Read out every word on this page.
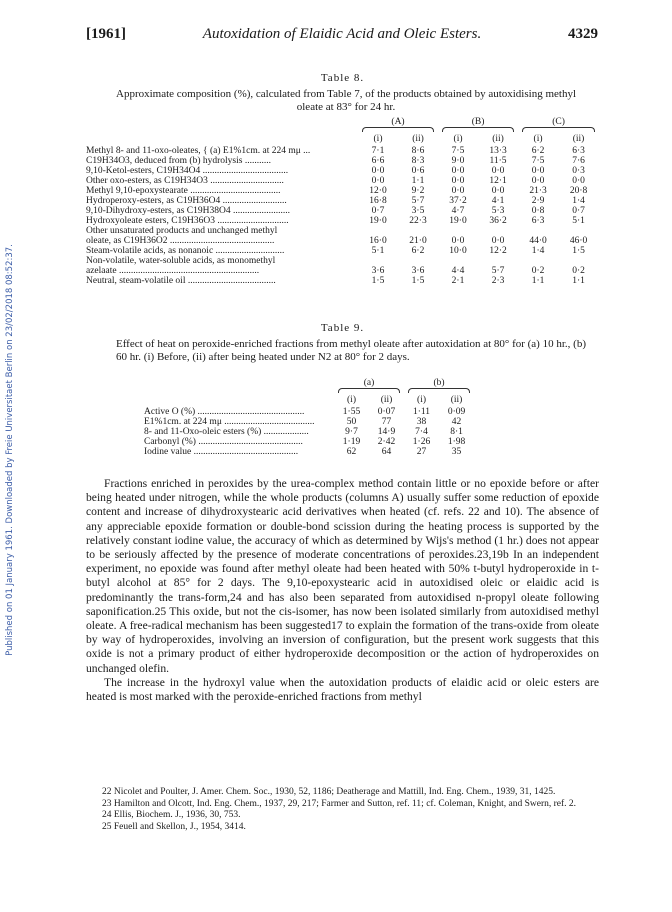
Published on 01 January 1961. Downloaded by Freie Universitaet Berlin on 23/02/2018 08:52:37.
[1961]	Autoxidation of Elaidic Acid and Oleic Esters.	4329
Table 8.
Approximate composition (%), calculated from Table 7, of the products obtained by autoxidising methyl oleate at 83° for 24 hr.
	(A)		(B)		(C)	

	(i)	(ii)	(i)	(ii)	(i)	(ii)
Methyl 8- and 11-oxo-oleates, { (a) E1%1cm. at 224 mμ ...	7·1	8·6	7·5	13·3	6·2	6·3
C19H34O3, deduced from (b) hydrolysis ...........	6·6	8·3	9·0	11·5	7·5	7·6
9,10-Ketol-esters, C19H34O4 ....................................	0·0	0·6	0·0	0·0	0·0	0·3
Other oxo-esters, as C19H34O3 ...............................	0·0	1·1	0·0	12·1	0·0	0·0
Methyl 9,10-epoxystearate ......................................	12·0	9·2	0·0	0·0	21·3	20·8
Hydroperoxy-esters, as C19H36O4 ...........................	16·8	5·7	37·2	4·1	2·9	1·4
9,10-Dihydroxy-esters, as C19H38O4 ........................	0·7	3·5	4·7	5·3	0·8	0·7
Hydroxyoleate esters, C19H36O3 ..............................	19·0	22·3	19·0	36·2	6·3	5·1
Other unsaturated products and unchanged methyl						
oleate, as C19H36O2 ............................................	16·0	21·0	0·0	0·0	44·0	46·0
Steam-volatile acids, as nonanoic .............................	5·1	6·2	10·0	12·2	1·4	1·5
Non-volatile, water-soluble acids, as monomethyl						
azelaate ...........................................................	3·6	3·6	4·4	5·7	0·2	0·2
Neutral, steam-volatile oil .....................................	1·5	1·5	2·1	2·3	1·1	1·1
Table 9.
Effect of heat on peroxide-enriched fractions from methyl oleate after autoxidation at 80° for (a) 10 hr., (b) 60 hr. (i) Before, (ii) after being heated under N2 at 80° for 2 days.
	(a)		(b)	

	(i)	(ii)	(i)	(ii)
Active O (%) .............................................	1·55	0·07	1·11	0·09
E1%1cm. at 224 mμ ......................................	50	77	38	42
8- and 11-Oxo-oleic esters (%) ...................	9·7	14·9	7·4	8·1
Carbonyl (%) ............................................	1·19	2·42	1·26	1·98
Iodine value ............................................	62	64	27	35

Fractions enriched in peroxides by the urea-complex method contain little or no epoxide before or after being heated under nitrogen, while the whole products (columns A) usually suffer some reduction of epoxide content and increase of dihydroxystearic acid derivatives when heated (cf. refs. 22 and 10). The absence of any appreciable epoxide formation or double-bond scission during the heating process is supported by the relatively constant iodine value, the accuracy of which as determined by Wijs's method (1 hr.) does not appear to be seriously affected by the presence of moderate concentrations of peroxides.23,19b In an independent experiment, no epoxide was found after methyl oleate had been heated with 50% t-butyl hydroperoxide in t-butyl alcohol at 85° for 2 days. The 9,10-epoxystearic acid in autoxidised oleic or elaidic acid is predominantly the trans-form,24 and has also been separated from autoxidised n-propyl oleate following saponification.25 This oxide, but not the cis-isomer, has now been isolated similarly from autoxidised methyl oleate. A free-radical mechanism has been suggested17 to explain the formation of the trans-oxide from oleate by way of hydroperoxides, involving an inversion of configuration, but the present work suggests that this oxide is not a primary product of either hydroperoxide decomposition or the action of hydroperoxides on unchanged olefin.

The increase in the hydroxyl value when the autoxidation products of elaidic acid or oleic esters are heated is most marked with the peroxide-enriched fractions from methyl

22 Nicolet and Poulter, J. Amer. Chem. Soc., 1930, 52, 1186; Deatherage and Mattill, Ind. Eng. Chem., 1939, 31, 1425.

23 Hamilton and Olcott, Ind. Eng. Chem., 1937, 29, 217; Farmer and Sutton, ref. 11; cf. Coleman, Knight, and Swern, ref. 2.

24 Ellis, Biochem. J., 1936, 30, 753.

25 Feuell and Skellon, J., 1954, 3414.
